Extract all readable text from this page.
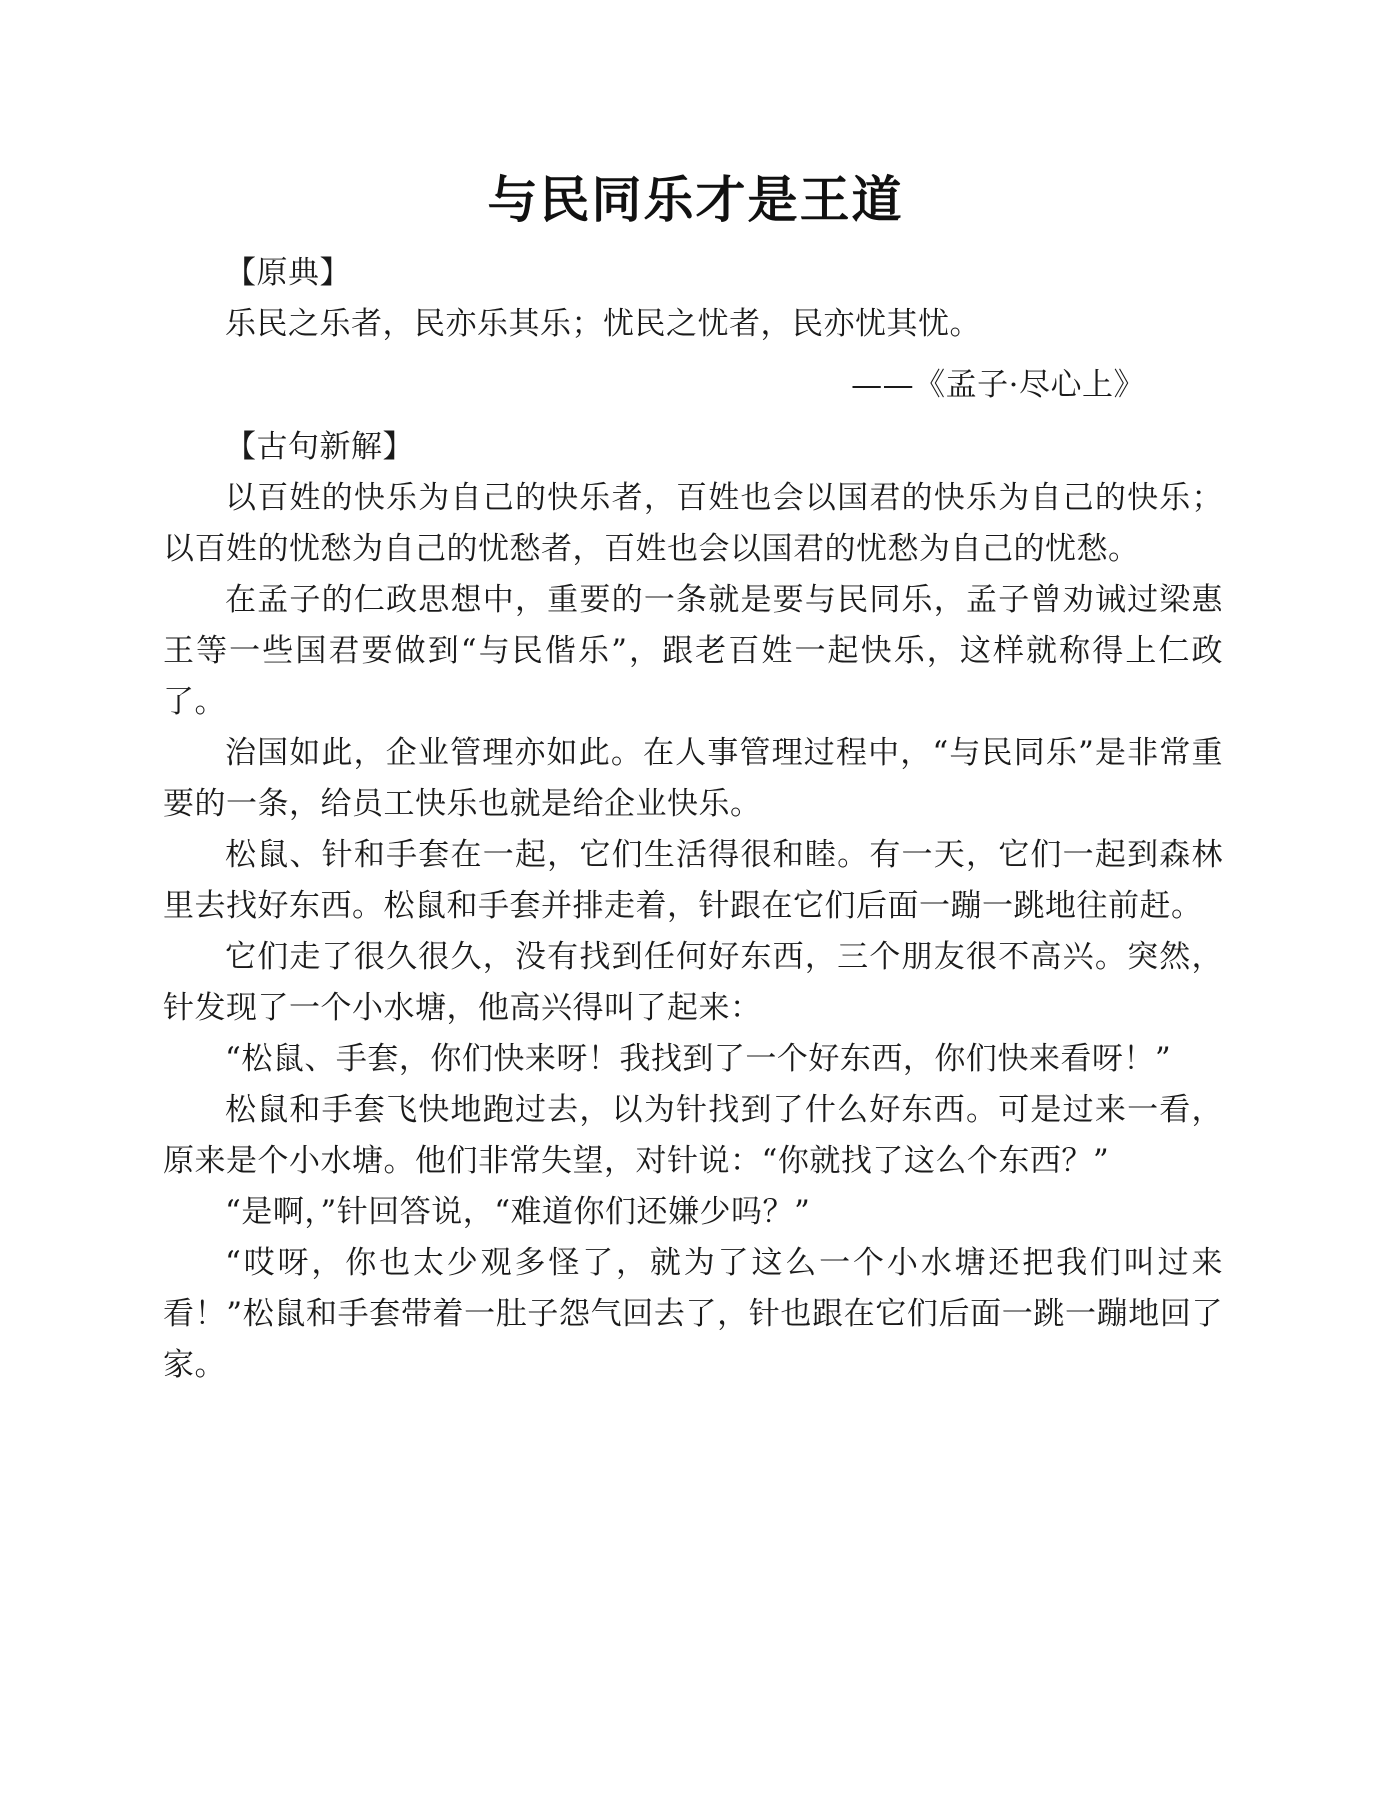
与民同乐才是王道

【原典】

乐民之乐者，民亦乐其乐；忧民之忧者，民亦忧其忧。

——《孟子·尽心上》

【古句新解】

以百姓的快乐为自己的快乐者，百姓也会以国君的快乐为自己的快乐；以百姓的忧愁为自己的忧愁者，百姓也会以国君的忧愁为自己的忧愁。

在孟子的仁政思想中，重要的一条就是要与民同乐，孟子曾劝诫过梁惠王等一些国君要做到“与民偕乐”，跟老百姓一起快乐，这样就称得上仁政了。

治国如此，企业管理亦如此。在人事管理过程中，“与民同乐”是非常重要的一条，给员工快乐也就是给企业快乐。

松鼠、针和手套在一起，它们生活得很和睦。有一天，它们一起到森林里去找好东西。松鼠和手套并排走着，针跟在它们后面一蹦一跳地往前赶。

它们走了很久很久，没有找到任何好东西，三个朋友很不高兴。突然，针发现了一个小水塘，他高兴得叫了起来：

“松鼠、手套，你们快来呀！我找到了一个好东西，你们快来看呀！”

松鼠和手套飞快地跑过去，以为针找到了什么好东西。可是过来一看，原来是个小水塘。他们非常失望，对针说：“你就找了这么个东西？”

“是啊，”针回答说，“难道你们还嫌少吗？”

“哎呀，你也太少观多怪了，就为了这么一个小水塘还把我们叫过来看！”松鼠和手套带着一肚子怨气回去了，针也跟在它们后面一跳一蹦地回了家。
